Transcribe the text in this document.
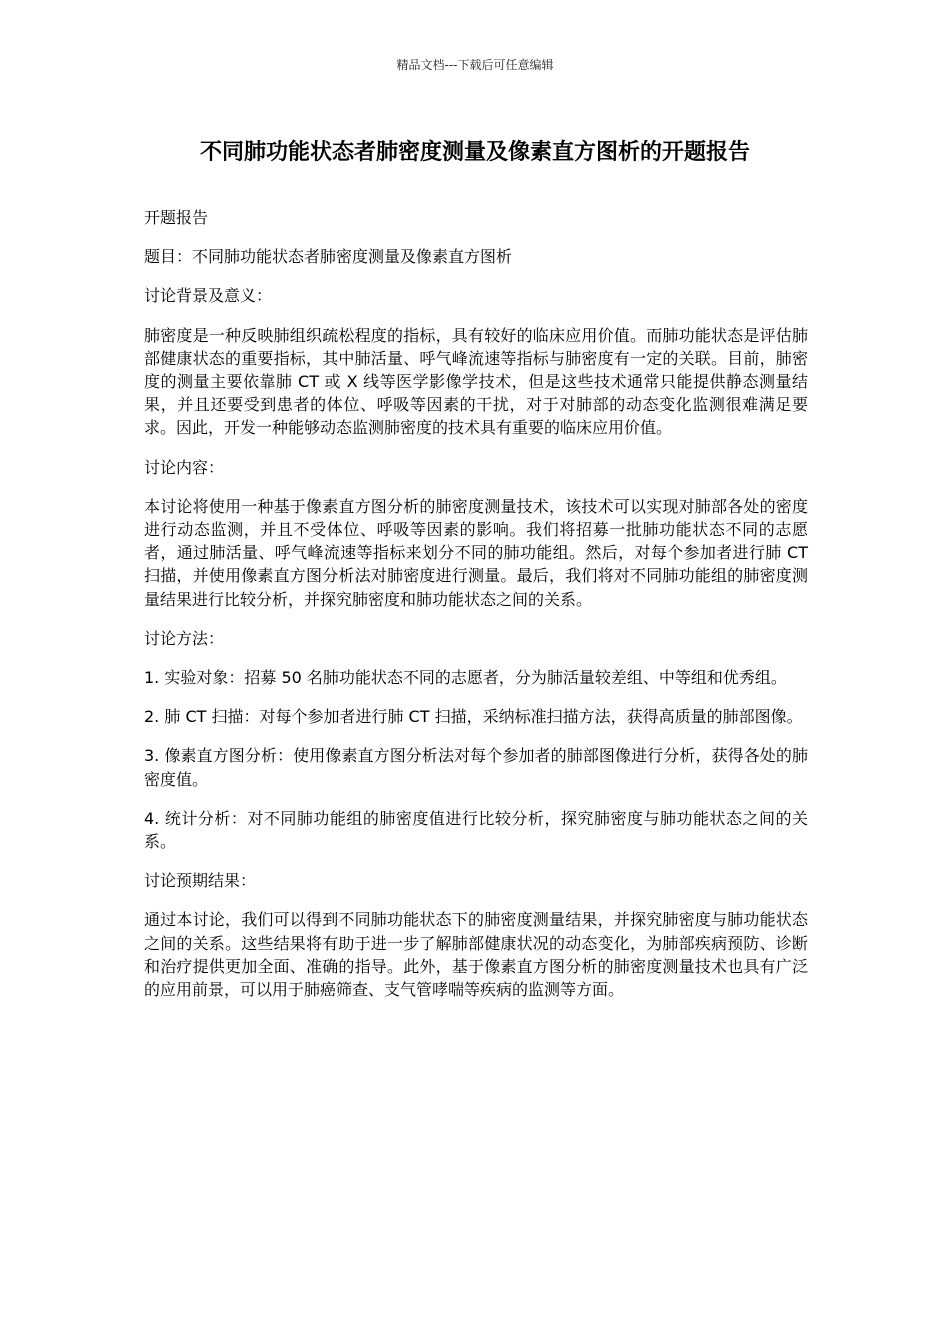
精品文档---下载后可任意编辑
不同肺功能状态者肺密度测量及像素直方图析的开题报告

开题报告

题目：不同肺功能状态者肺密度测量及像素直方图析

讨论背景及意义：

肺密度是一种反映肺组织疏松程度的指标，具有较好的临床应用价值。而肺功能状态是评估肺部健康状态的重要指标，其中肺活量、呼气峰流速等指标与肺密度有一定的关联。目前，肺密度的测量主要依靠肺 CT 或 X 线等医学影像学技术，但是这些技术通常只能提供静态测量结果，并且还要受到患者的体位、呼吸等因素的干扰，对于对肺部的动态变化监测很难满足要求。因此，开发一种能够动态监测肺密度的技术具有重要的临床应用价值。

讨论内容：

本讨论将使用一种基于像素直方图分析的肺密度测量技术，该技术可以实现对肺部各处的密度进行动态监测，并且不受体位、呼吸等因素的影响。我们将招募一批肺功能状态不同的志愿者，通过肺活量、呼气峰流速等指标来划分不同的肺功能组。然后，对每个参加者进行肺 CT 扫描，并使用像素直方图分析法对肺密度进行测量。最后，我们将对不同肺功能组的肺密度测量结果进行比较分析，并探究肺密度和肺功能状态之间的关系。

讨论方法：

1. 实验对象：招募 50 名肺功能状态不同的志愿者，分为肺活量较差组、中等组和优秀组。

2. 肺 CT 扫描：对每个参加者进行肺 CT 扫描，采纳标准扫描方法，获得高质量的肺部图像。

3. 像素直方图分析：使用像素直方图分析法对每个参加者的肺部图像进行分析，获得各处的肺密度值。

4. 统计分析：对不同肺功能组的肺密度值进行比较分析，探究肺密度与肺功能状态之间的关系。

讨论预期结果：

通过本讨论，我们可以得到不同肺功能状态下的肺密度测量结果，并探究肺密度与肺功能状态之间的关系。这些结果将有助于进一步了解肺部健康状况的动态变化，为肺部疾病预防、诊断和治疗提供更加全面、准确的指导。此外，基于像素直方图分析的肺密度测量技术也具有广泛的应用前景，可以用于肺癌筛查、支气管哮喘等疾病的监测等方面。
